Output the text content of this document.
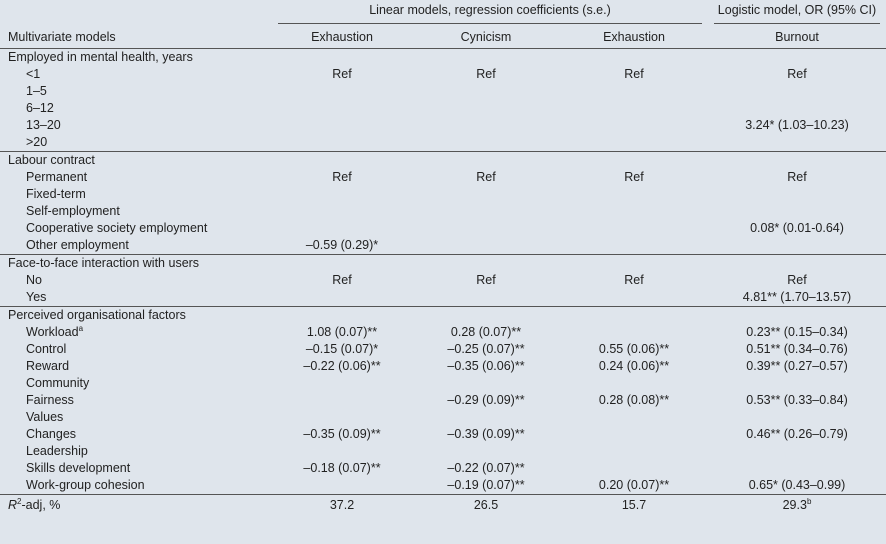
	Linear models, regression coefficients (s.e.)			Logistic model, OR (95% CI)

Multivariate models	Exhaustion	Cynicism	Exhaustion	Burnout
Employed in mental health, years				
<1	Ref	Ref	Ref	Ref
1–5				
6–12				
13–20				3.24* (1.03–10.23)
>20				
Labour contract				
Permanent	Ref	Ref	Ref	Ref
Fixed-term				
Self-employment				
Cooperative society employment				0.08* (0.01-0.64)
Other employment	–0.59 (0.29)*			
Face-to-face interaction with users				
No	Ref	Ref	Ref	Ref
Yes				4.81** (1.70–13.57)
Perceived organisational factors				
Workload$^a$	1.08 (0.07)**	0.28 (0.07)**		0.23** (0.15–0.34)
Control	–0.15 (0.07)*	–0.25 (0.07)**	0.55 (0.06)**	0.51** (0.34–0.76)
Reward	–0.22 (0.06)**	–0.35 (0.06)**	0.24 (0.06)**	0.39** (0.27–0.57)
Community				
Fairness		–0.29 (0.09)**	0.28 (0.08)**	0.53** (0.33–0.84)
Values				
Changes	–0.35 (0.09)**	–0.39 (0.09)**		0.46** (0.26–0.79)
Leadership				
Skills development	–0.18 (0.07)**	–0.22 (0.07)**		
Work-group cohesion		–0.19 (0.07)**	0.20 (0.07)**	0.65* (0.43–0.99)
$R^2$-adj, %	37.2	26.5	15.7	29.3$^b$
